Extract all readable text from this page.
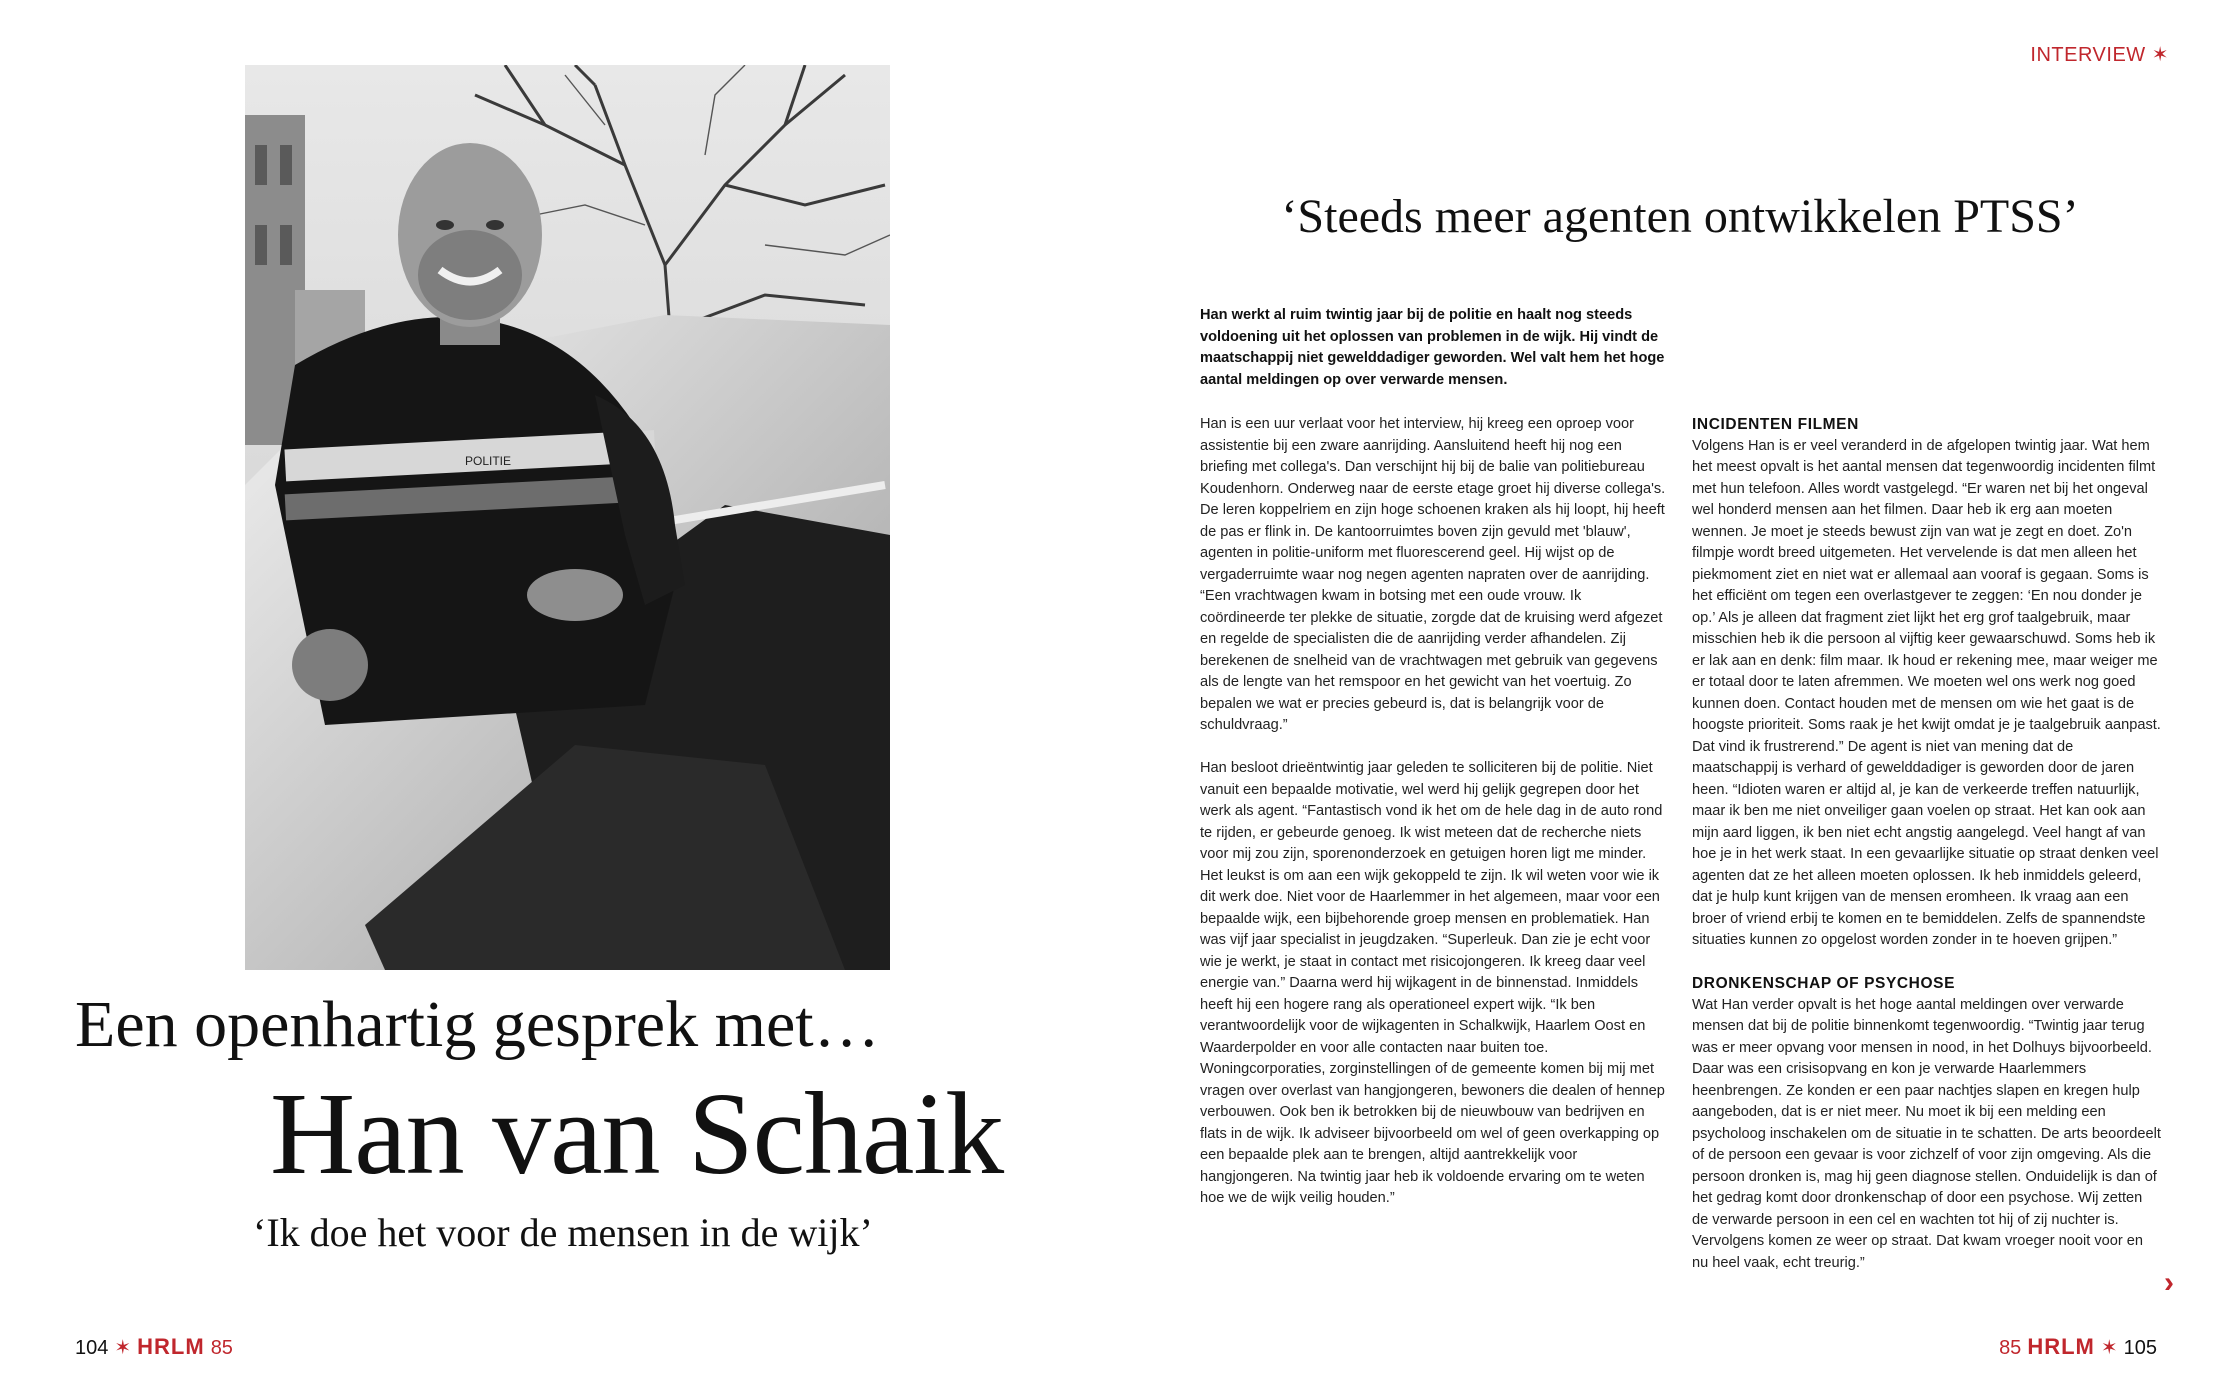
POLITIE
Een openhartig gesprek met…
Han van Schaik
‘Ik doe het voor de mensen in de wijk’
104 ✶ HRLM 85
INTERVIEW ✶
‘Steeds meer agenten ontwikkelen PTSS’
Han werkt al ruim twintig jaar bij de politie en haalt nog steeds voldoening uit het oplossen van problemen in de wijk. Hij vindt de maatschappij niet gewelddadiger geworden. Wel valt hem het hoge aantal meldingen op over verwarde mensen.

Han is een uur verlaat voor het interview, hij kreeg een oproep voor assistentie bij een zware aanrijding. Aansluitend heeft hij nog een briefing met collega's. Dan verschijnt hij bij de balie van politiebureau Koudenhorn. Onderweg naar de eerste etage groet hij diverse collega's. De leren koppelriem en zijn hoge schoenen kraken als hij loopt, hij heeft de pas er flink in. De kantoorruimtes boven zijn gevuld met 'blauw', agenten in politie-uniform met fluorescerend geel. Hij wijst op de vergaderruimte waar nog negen agenten napraten over de aanrijding. “Een vrachtwagen kwam in botsing met een oude vrouw. Ik coördineerde ter plekke de situatie, zorgde dat de kruising werd afgezet en regelde de specialisten die de aanrijding verder afhandelen. Zij berekenen de snelheid van de vrachtwagen met gebruik van gegevens als de lengte van het remspoor en het gewicht van het voertuig. Zo bepalen we wat er precies gebeurd is, dat is belangrijk voor de schuldvraag.”

Han besloot drieëntwintig jaar geleden te solliciteren bij de politie. Niet vanuit een bepaalde motivatie, wel werd hij gelijk gegrepen door het werk als agent. “Fantastisch vond ik het om de hele dag in de auto rond te rijden, er gebeurde genoeg. Ik wist meteen dat de recherche niets voor mij zou zijn, sporenonderzoek en getuigen horen ligt me minder. Het leukst is om aan een wijk gekoppeld te zijn. Ik wil weten voor wie ik dit werk doe. Niet voor de Haarlemmer in het algemeen, maar voor een bepaalde wijk, een bijbehorende groep mensen en problematiek. Han was vijf jaar specialist in jeugdzaken. “Superleuk. Dan zie je echt voor wie je werkt, je staat in contact met risicojongeren. Ik kreeg daar veel energie van.” Daarna werd hij wijkagent in de binnenstad. Inmiddels heeft hij een hogere rang als operationeel expert wijk. “Ik ben verantwoordelijk voor de wijkagenten in Schalkwijk, Haarlem Oost en Waarderpolder en voor alle contacten naar buiten toe. Woningcorporaties, zorginstellingen of de gemeente komen bij mij met vragen over overlast van hangjongeren, bewoners die dealen of hennep verbouwen. Ook ben ik betrokken bij de nieuwbouw van bedrijven en flats in de wijk. Ik adviseer bijvoorbeeld om wel of geen overkapping op een bepaalde plek aan te brengen, altijd aantrekkelijk voor hangjongeren. Na twintig jaar heb ik voldoende ervaring om te weten hoe we de wijk veilig houden.”

INCIDENTEN FILMEN

Volgens Han is er veel veranderd in de afgelopen twintig jaar. Wat hem het meest opvalt is het aantal mensen dat tegenwoordig incidenten filmt met hun telefoon. Alles wordt vastgelegd. “Er waren net bij het ongeval wel honderd mensen aan het filmen. Daar heb ik erg aan moeten wennen. Je moet je steeds bewust zijn van wat je zegt en doet. Zo'n filmpje wordt breed uitgemeten. Het vervelende is dat men alleen het piekmoment ziet en niet wat er allemaal aan vooraf is gegaan. Soms is het efficiënt om tegen een overlastgever te zeggen: ‘En nou donder je op.’ Als je alleen dat fragment ziet lijkt het erg grof taalgebruik, maar misschien heb ik die persoon al vijftig keer gewaarschuwd. Soms heb ik er lak aan en denk: film maar. Ik houd er rekening mee, maar weiger me er totaal door te laten afremmen. We moeten wel ons werk nog goed kunnen doen. Contact houden met de mensen om wie het gaat is de hoogste prioriteit. Soms raak je het kwijt omdat je je taalgebruik aanpast. Dat vind ik frustrerend.” De agent is niet van mening dat de maatschappij is verhard of gewelddadiger is geworden door de jaren heen. “Idioten waren er altijd al, je kan de verkeerde treffen natuurlijk, maar ik ben me niet onveiliger gaan voelen op straat. Het kan ook aan mijn aard liggen, ik ben niet echt angstig aangelegd. Veel hangt af van hoe je in het werk staat. In een gevaarlijke situatie op straat denken veel agenten dat ze het alleen moeten oplossen. Ik heb inmiddels geleerd, dat je hulp kunt krijgen van de mensen eromheen. Ik vraag aan een broer of vriend erbij te komen en te bemiddelen. Zelfs de spannendste situaties kunnen zo opgelost worden zonder in te hoeven grijpen.”

DRONKENSCHAP OF PSYCHOSE

Wat Han verder opvalt is het hoge aantal meldingen over verwarde mensen dat bij de politie binnenkomt tegenwoordig. “Twintig jaar terug was er meer opvang voor mensen in nood, in het Dolhuys bijvoorbeeld. Daar was een crisisopvang en kon je verwarde Haarlemmers heenbrengen. Ze konden er een paar nachtjes slapen en kregen hulp aangeboden, dat is er niet meer. Nu moet ik bij een melding een psycholoog inschakelen om de situatie in te schatten. De arts beoordeelt of de persoon een gevaar is voor zichzelf of voor zijn omgeving. Als die persoon dronken is, mag hij geen diagnose stellen. Onduidelijk is dan of het gedrag komt door dronkenschap of door een psychose. Wij zetten de verwarde persoon in een cel en wachten tot hij of zij nuchter is. Vervolgens komen ze weer op straat. Dat kwam vroeger nooit voor en nu heel vaak, echt treurig.”

›
85 HRLM ✶ 105
